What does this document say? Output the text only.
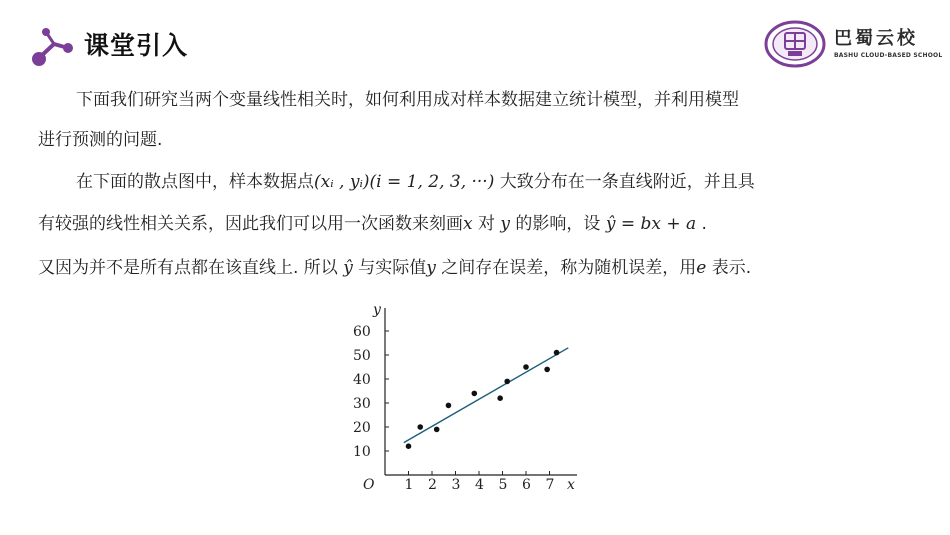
课堂引入	巴蜀云校
BASHU CLOUD-BASED SCHOOL
下面我们研究当两个变量线性相关时，如何利用成对样本数据建立统计模型，并利用模型
进行预测的问题.
在下面的散点图中，样本数据点(xᵢ , yᵢ)(i = 1, 2, 3, ···) 大致分布在一条直线附近，并且具
有较强的线性相关关系，因此我们可以用一次函数来刻画x 对 y 的影响，设 ŷ = bx + a .
又因为并不是所有点都在该直线上. 所以 ŷ 与实际值y 之间存在误差，称为随机误差，用e 表示.
O	x
y
1 2 3 4 5 6 7
10
20
30
40
50
60
